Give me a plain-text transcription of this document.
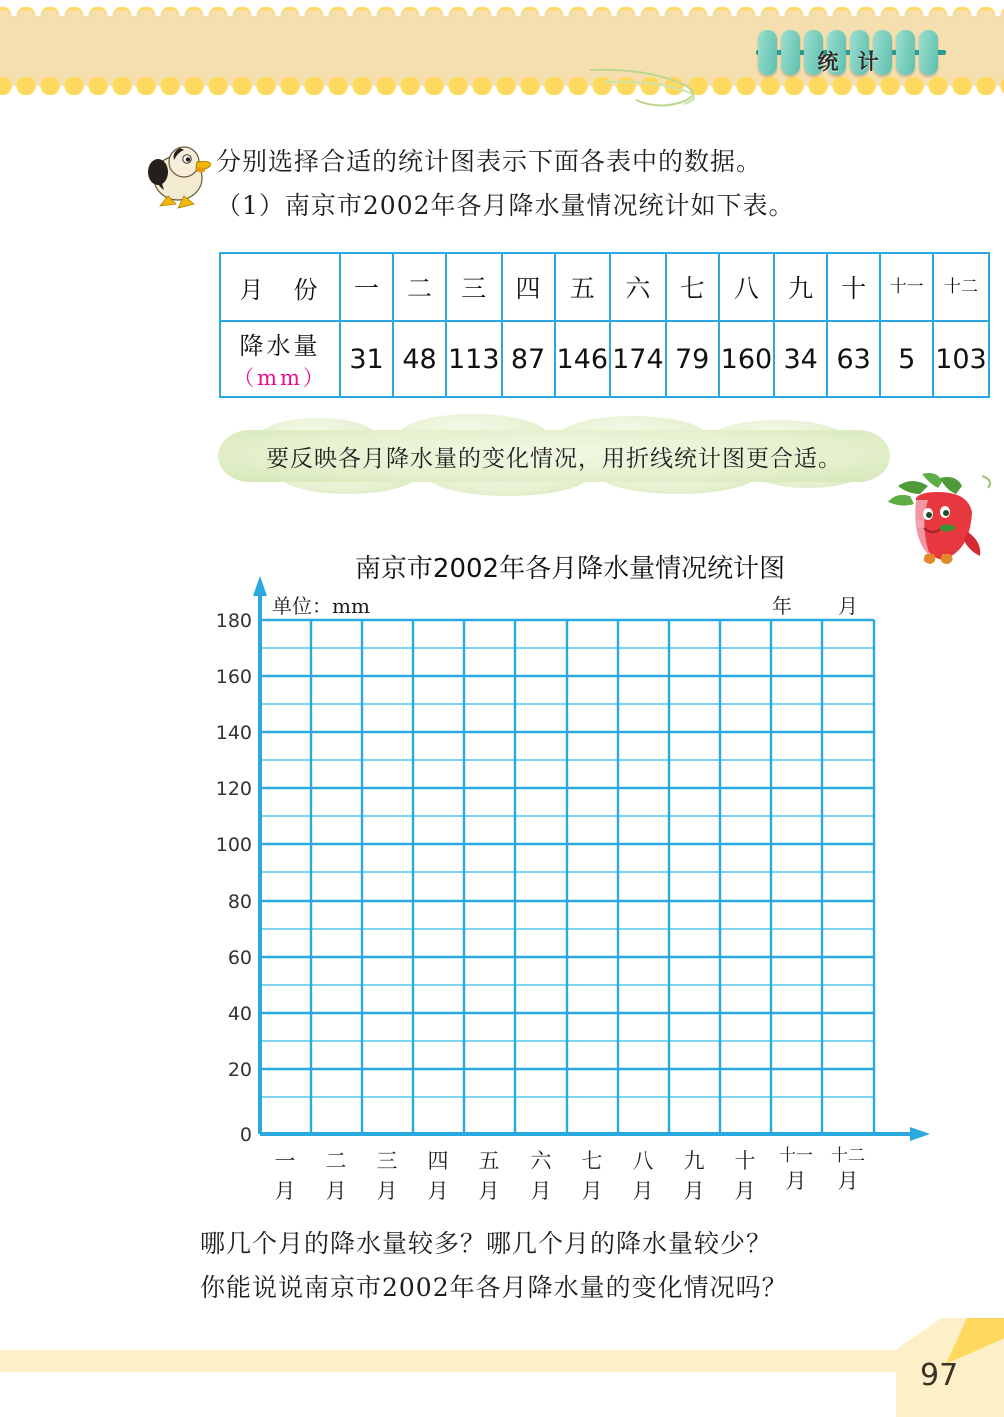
统 计
分别选择合适的统计图表示下面各表中的数据。
（1）南京市2002年各月降水量情况统计如下表。
月　份	一	二	三	四	五	六	七	八	九	十	十一	十二

降水量
（mm）	31	48	113	87	146	174	79	160	34	63	5	103
要反映各月降水量的变化情况，用折线统计图更合适。
南京市2002年各月降水量情况统计图
单位：mm	年 月
180
160
140
120
100
80
60
40
20
0
一
月
二
月
三
月
四
月
五
月
六
月
七
月
八
月
九
月
十
月
十一
月
十二
月
哪几个月的降水量较多？哪几个月的降水量较少？
你能说说南京市2002年各月降水量的变化情况吗？
97
